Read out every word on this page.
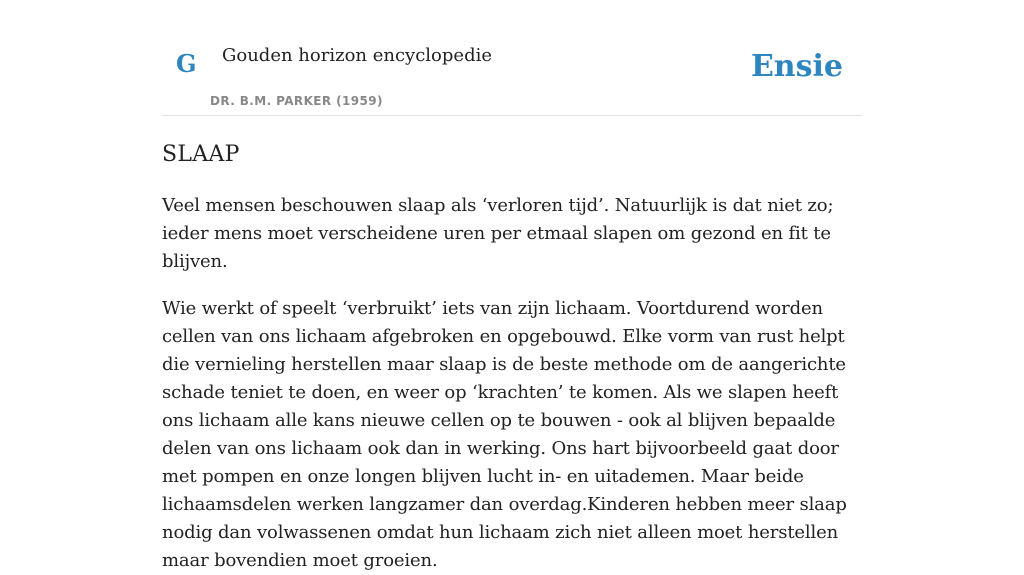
G Gouden horizon encyclopedie
DR. B.M. PARKER (1959)
Ensie
SLAAP

Veel mensen beschouwen slaap als ‘verloren tijd’. Natuurlijk is dat niet zo; ieder mens moet verscheidene uren per etmaal slapen om gezond en fit te blijven.

Wie werkt of speelt ‘verbruikt’ iets van zijn lichaam. Voortdurend worden cellen van ons lichaam afgebroken en opgebouwd. Elke vorm van rust helpt die vernieling herstellen maar slaap is de beste methode om de aangerichte schade teniet te doen, en weer op ‘krachten’ te komen. Als we slapen heeft ons lichaam alle kans nieuwe cellen op te bouwen - ook al blijven bepaalde delen van ons lichaam ook dan in werking. Ons hart bijvoorbeeld gaat door met pompen en onze longen blijven lucht in- en uitademen. Maar beide lichaamsdelen werken langzamer dan overdag.Kinderen hebben meer slaap nodig dan volwassenen omdat hun lichaam zich niet alleen moet herstellen maar bovendien moet groeien.
